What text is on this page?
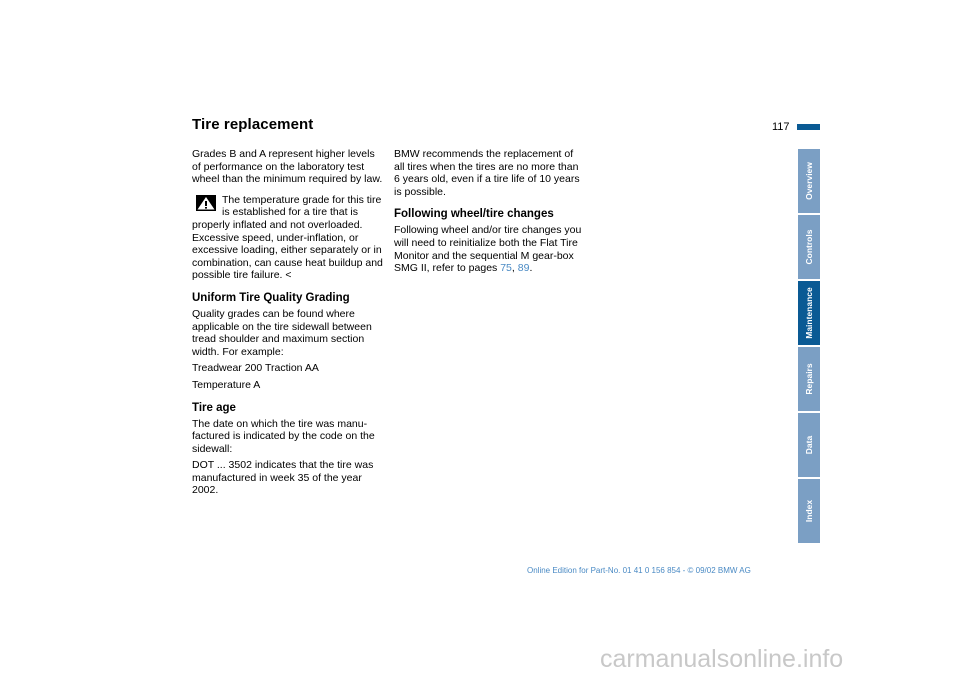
Tire replacement	117

Grades B and A represent higher levels of performance on the laboratory test wheel than the minimum required by law.

The temperature grade for this tire is established for a tire that is properly inflated and not overloaded. Excessive speed, under-inflation, or excessive loading, either separately or in combination, can cause heat buildup and possible tire failure. <

Uniform Tire Quality Grading

Quality grades can be found where applicable on the tire sidewall between tread shoulder and maximum section width. For example:

Treadwear 200 Traction AA

Temperature A

Tire age

The date on which the tire was manu-factured is indicated by the code on the sidewall:

DOT ... 3502 indicates that the tire was manufactured in week 35 of the year 2002.

BMW recommends the replacement of all tires when the tires are no more than 6 years old, even if a tire life of 10 years is possible.

Following wheel/tire changes

Following wheel and/or tire changes you will need to reinitialize both the Flat Tire Monitor and the sequential M gear-box SMG II, refer to pages 75, 89.

Overview
Controls
Maintenance
Repairs
Data
Index
Online Edition for Part-No. 01 41 0 156 854 - © 09/02 BMW AG
carmanualsonline.info
